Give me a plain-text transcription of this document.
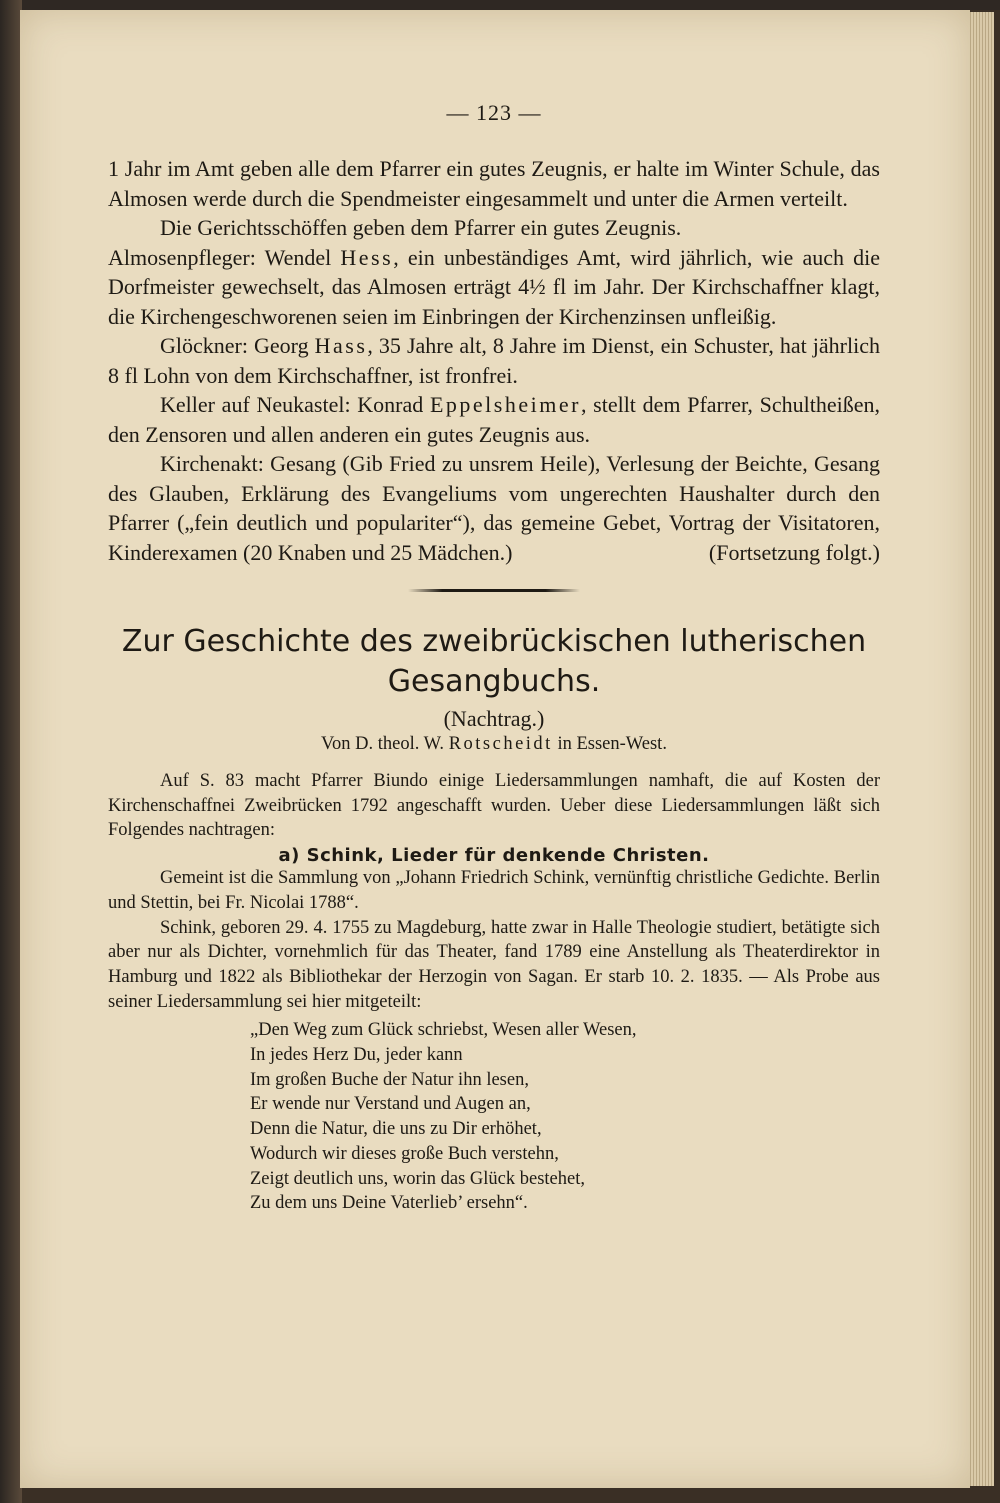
— 123 —

1 Jahr im Amt geben alle dem Pfarrer ein gutes Zeugnis, er halte im Winter Schule, das Almosen werde durch die Spendmeister eingesammelt und unter die Armen verteilt.

Die Gerichtsschöffen geben dem Pfarrer ein gutes Zeugnis.

Almosenpfleger: Wendel Hess, ein unbeständiges Amt, wird jährlich, wie auch die Dorfmeister gewechselt, das Almosen erträgt 4½ fl im Jahr. Der Kirchschaffner klagt, die Kirchengeschworenen seien im Einbringen der Kirchenzinsen unfleißig.

Glöckner: Georg Hass, 35 Jahre alt, 8 Jahre im Dienst, ein Schuster, hat jährlich 8 fl Lohn von dem Kirchschaffner, ist fronfrei.

Keller auf Neukastel: Konrad Eppelsheimer, stellt dem Pfarrer, Schultheißen, den Zensoren und allen anderen ein gutes Zeugnis aus.

Kirchenakt: Gesang (Gib Fried zu unsrem Heile), Verlesung der Beichte, Gesang des Glauben, Erklärung des Evangeliums vom ungerechten Haushalter durch den Pfarrer („fein deutlich und populariter“), das gemeine Gebet, Vortrag der Visitatoren, Kinderexamen (20 Knaben und 25 Mädchen.)	(Fortsetzung folgt.)

Zur Geschichte des zweibrückischen lutherischen Gesangbuchs.

(Nachtrag.)

Von D. theol. W. Rotscheidt in Essen-West.

Auf S. 83 macht Pfarrer Biundo einige Liedersammlungen namhaft, die auf Kosten der Kirchenschaffnei Zweibrücken 1792 angeschafft wurden. Ueber diese Liedersammlungen läßt sich Folgendes nachtragen:

a) Schink, Lieder für denkende Christen.

Gemeint ist die Sammlung von „Johann Friedrich Schink, vernünftig christliche Gedichte. Berlin und Stettin, bei Fr. Nicolai 1788“.

Schink, geboren 29. 4. 1755 zu Magdeburg, hatte zwar in Halle Theologie studiert, betätigte sich aber nur als Dichter, vornehmlich für das Theater, fand 1789 eine Anstellung als Theaterdirektor in Hamburg und 1822 als Bibliothekar der Herzogin von Sagan. Er starb 10. 2. 1835. — Als Probe aus seiner Liedersammlung sei hier mitgeteilt:

„Den Weg zum Glück schriebst, Wesen aller Wesen,
In jedes Herz Du, jeder kann
Im großen Buche der Natur ihn lesen,
Er wende nur Verstand und Augen an,
Denn die Natur, die uns zu Dir erhöhet,
Wodurch wir dieses große Buch verstehn,
Zeigt deutlich uns, worin das Glück bestehet,
Zu dem uns Deine Vaterlieb’ ersehn“.
